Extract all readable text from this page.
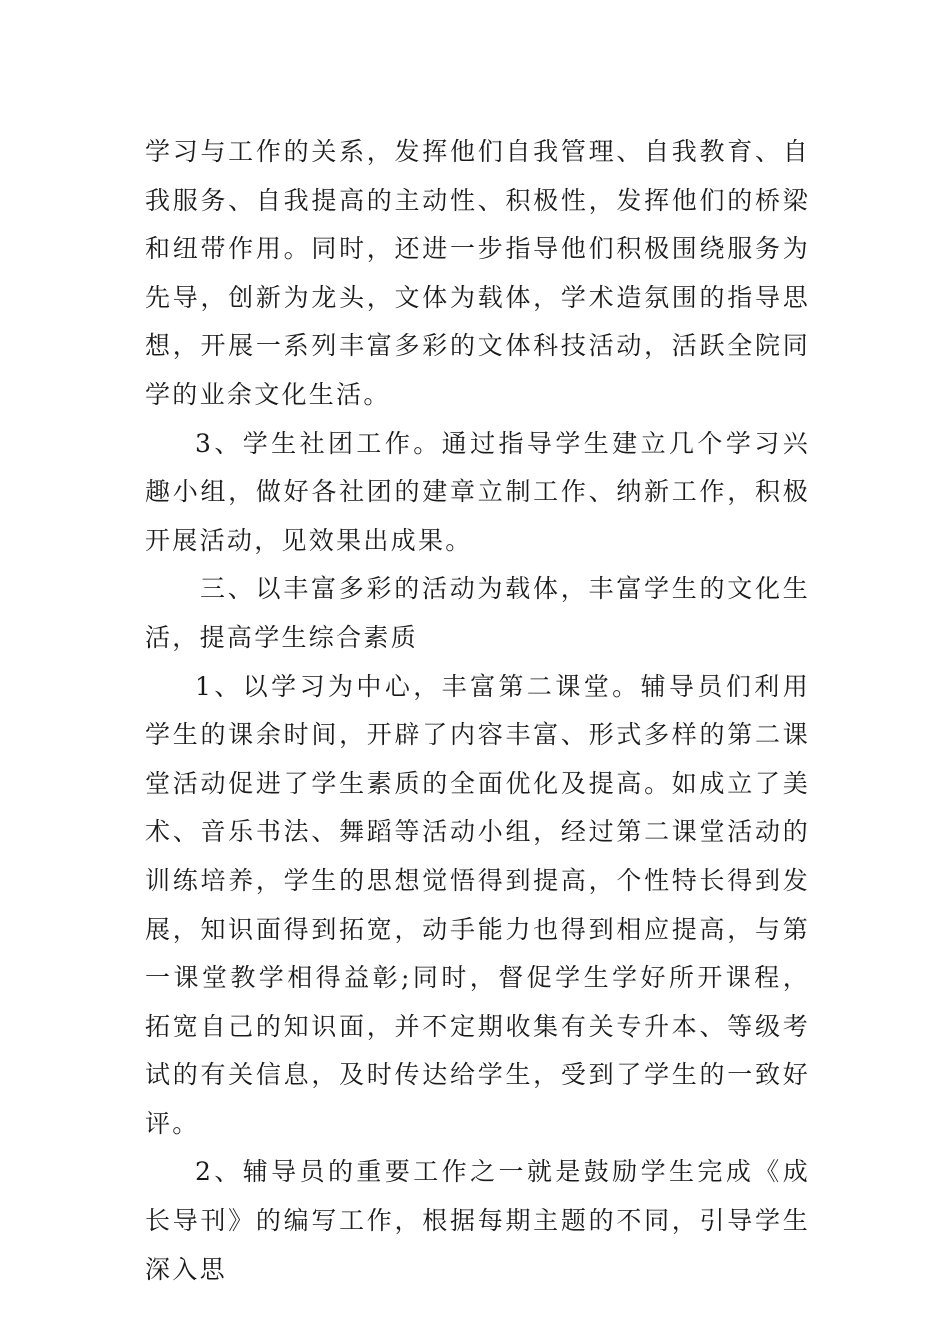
学习与工作的关系，发挥他们自我管理、自我教育、自我服务、自我提高的主动性、积极性，发挥他们的桥梁和纽带作用。同时，还进一步指导他们积极围绕服务为先导，创新为龙头，文体为载体，学术造氛围的指导思想，开展一系列丰富多彩的文体科技活动，活跃全院同学的业余文化生活。

3、学生社团工作。通过指导学生建立几个学习兴趣小组，做好各社团的建章立制工作、纳新工作，积极开展活动，见效果出成果。

三、以丰富多彩的活动为载体，丰富学生的文化生活，提高学生综合素质

1、以学习为中心，丰富第二课堂。辅导员们利用学生的课余时间，开辟了内容丰富、形式多样的第二课堂活动促进了学生素质的全面优化及提高。如成立了美术、音乐书法、舞蹈等活动小组，经过第二课堂活动的训练培养，学生的思想觉悟得到提高，个性特长得到发展，知识面得到拓宽，动手能力也得到相应提高，与第一课堂教学相得益彰;同时，督促学生学好所开课程，拓宽自己的知识面，并不定期收集有关专升本、等级考试的有关信息，及时传达给学生，受到了学生的一致好评。

2、辅导员的重要工作之一就是鼓励学生完成《成长导刊》的编写工作，根据每期主题的不同，引导学生深入思
